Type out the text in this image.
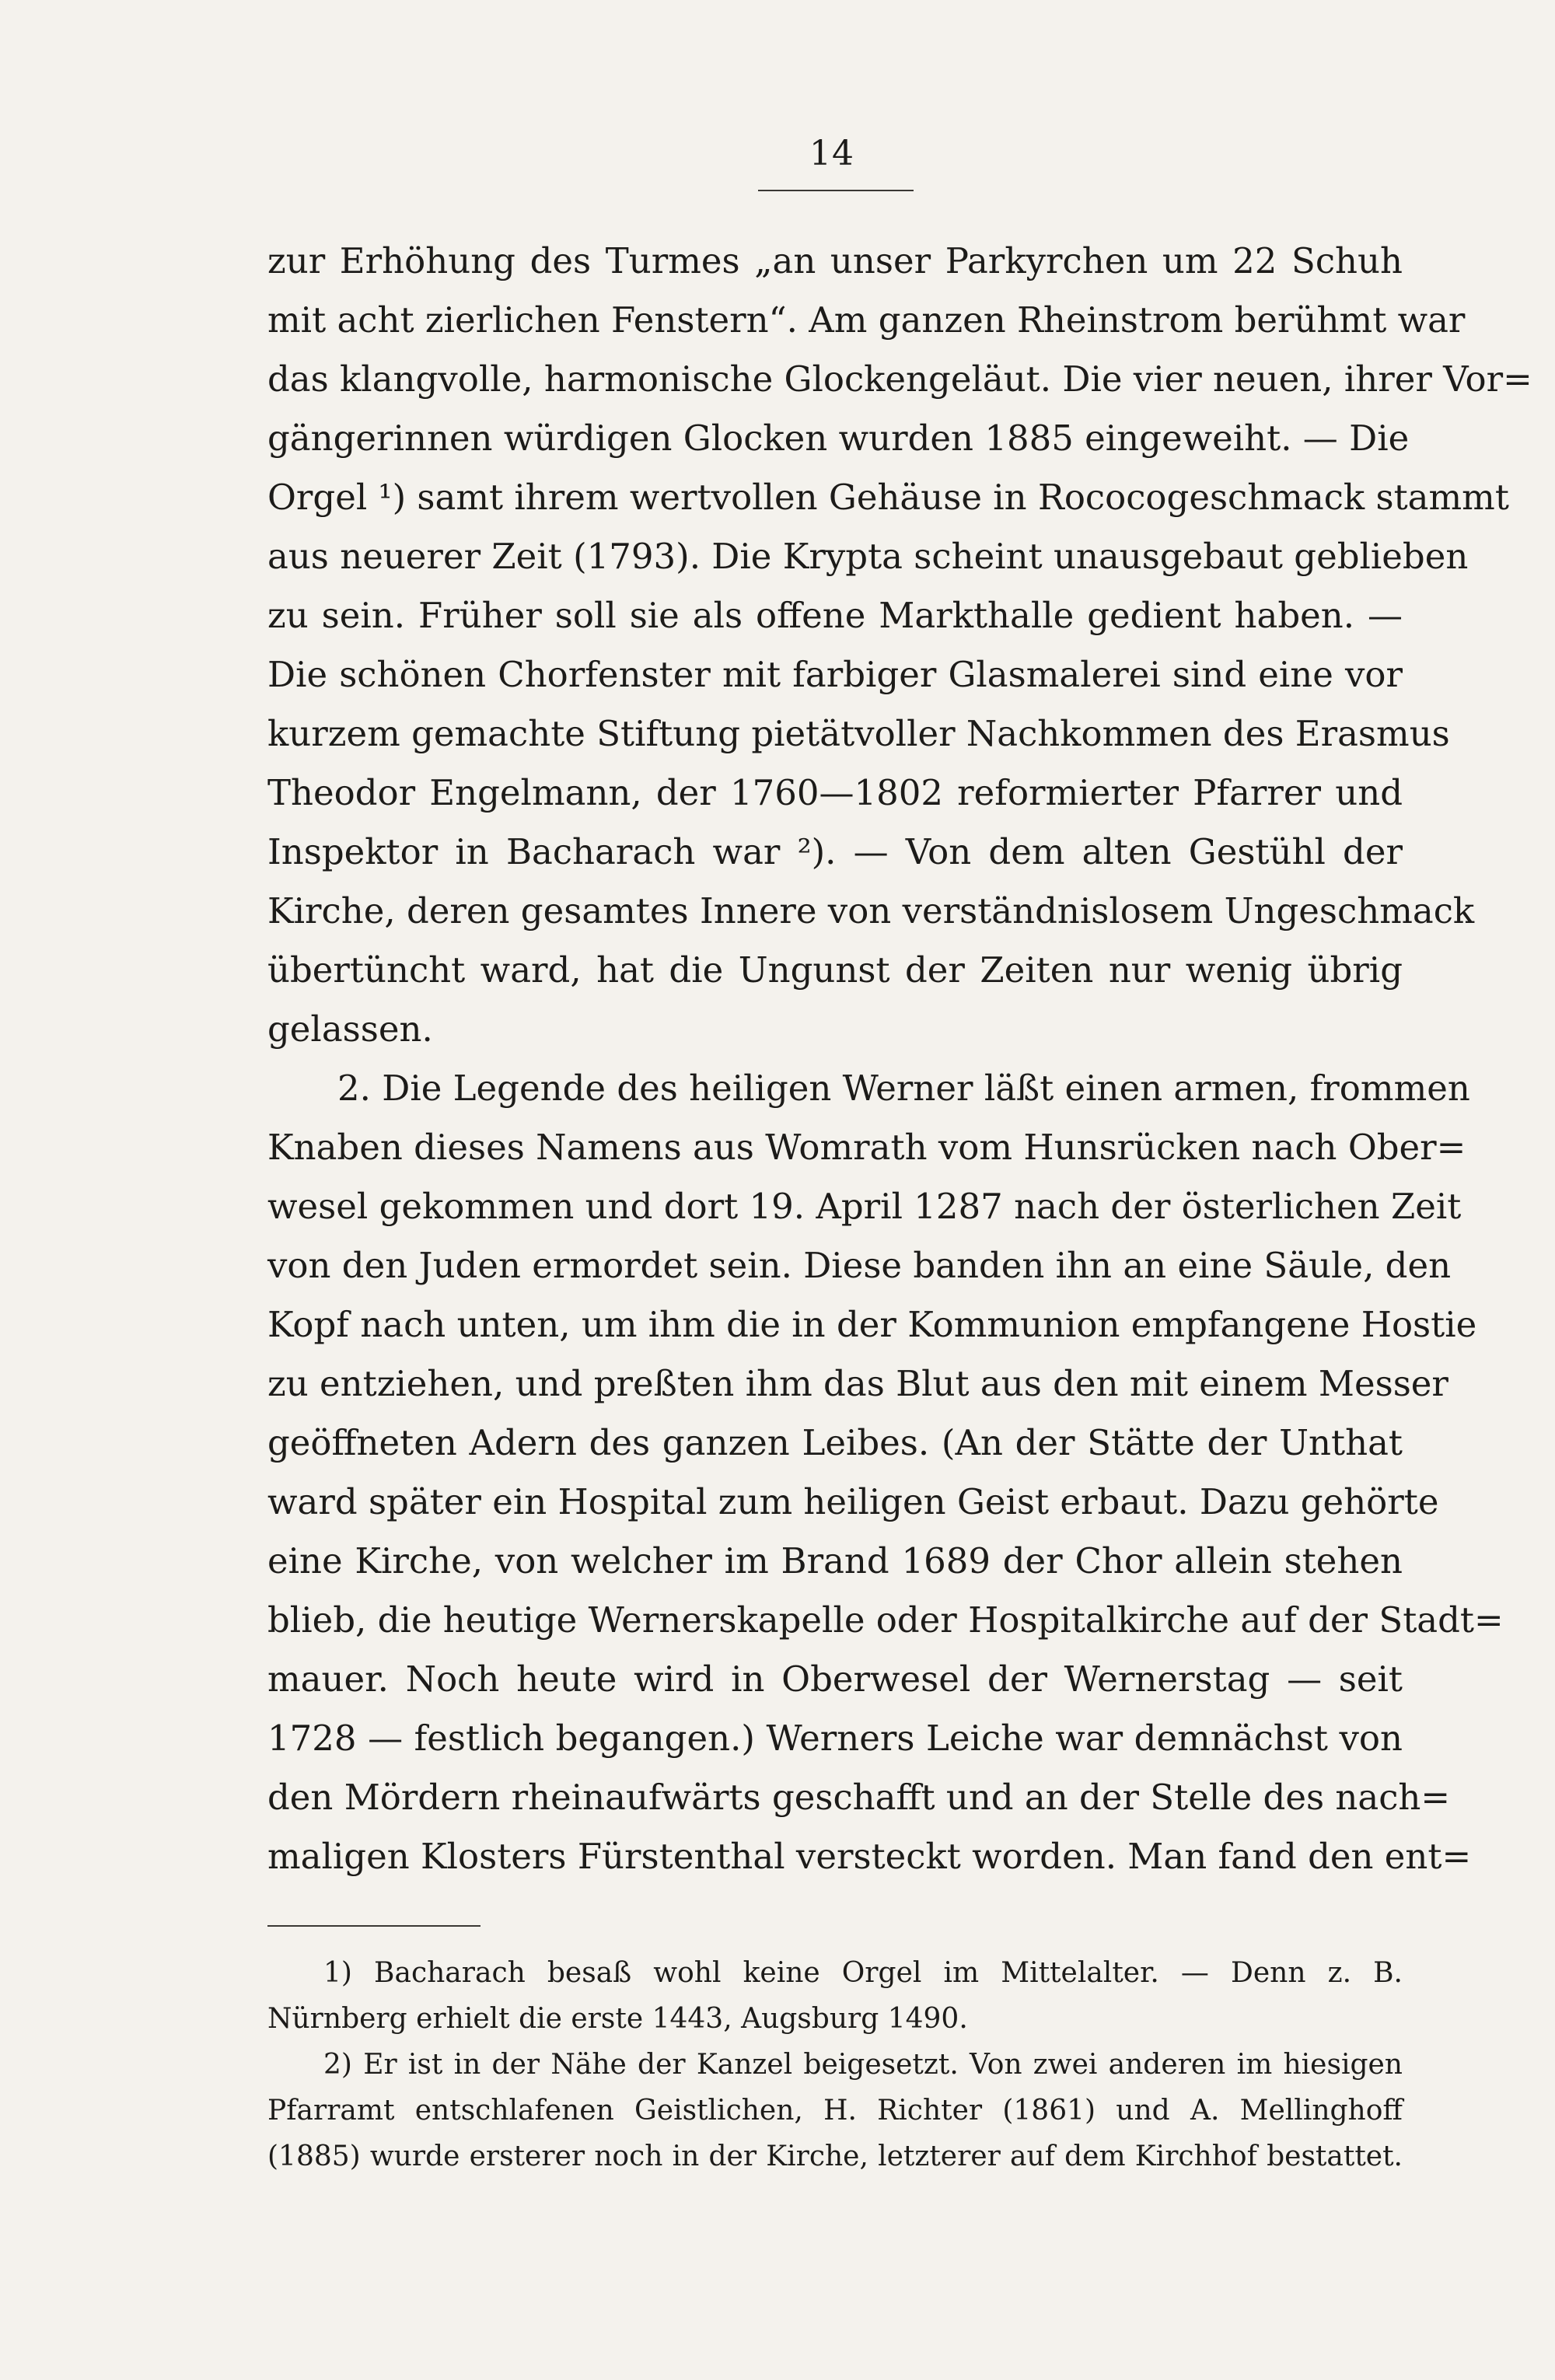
14
zur Erhöhung des Turmes „an unser Parkyrchen um 22 Schuh
mit acht zierlichen Fenstern“. Am ganzen Rheinstrom berühmt war
das klangvolle, harmonische Glockengeläut. Die vier neuen, ihrer Vor=
gängerinnen würdigen Glocken wurden 1885 eingeweiht. — Die
Orgel ¹) samt ihrem wertvollen Gehäuse in Rococogeschmack stammt
aus neuerer Zeit (1793). Die Krypta scheint unausgebaut geblieben
zu sein. Früher soll sie als offene Markthalle gedient haben. —
Die schönen Chorfenster mit farbiger Glasmalerei sind eine vor
kurzem gemachte Stiftung pietätvoller Nachkommen des Erasmus
Theodor Engelmann, der 1760—1802 reformierter Pfarrer und
Inspektor in Bacharach war ²). — Von dem alten Gestühl der
Kirche, deren gesamtes Innere von verständnislosem Ungeschmack
übertüncht ward, hat die Ungunst der Zeiten nur wenig übrig
gelassen.
2. Die Legende des heiligen Werner läßt einen armen, frommen
Knaben dieses Namens aus Womrath vom Hunsrücken nach Ober=
wesel gekommen und dort 19. April 1287 nach der österlichen Zeit
von den Juden ermordet sein. Diese banden ihn an eine Säule, den
Kopf nach unten, um ihm die in der Kommunion empfangene Hostie
zu entziehen, und preßten ihm das Blut aus den mit einem Messer
geöffneten Adern des ganzen Leibes. (An der Stätte der Unthat
ward später ein Hospital zum heiligen Geist erbaut. Dazu gehörte
eine Kirche, von welcher im Brand 1689 der Chor allein stehen
blieb, die heutige Wernerskapelle oder Hospitalkirche auf der Stadt=
mauer. Noch heute wird in Oberwesel der Wernerstag — seit
1728 — festlich begangen.) Werners Leiche war demnächst von
den Mördern rheinaufwärts geschafft und an der Stelle des nach=
maligen Klosters Fürstenthal versteckt worden. Man fand den ent=
1) Bacharach besaß wohl keine Orgel im Mittelalter. — Denn z. B.
Nürnberg erhielt die erste 1443, Augsburg 1490.
2) Er ist in der Nähe der Kanzel beigesetzt. Von zwei anderen im hiesigen
Pfarramt entschlafenen Geistlichen, H. Richter (1861) und A. Mellinghoff
(1885) wurde ersterer noch in der Kirche, letzterer auf dem Kirchhof bestattet.
